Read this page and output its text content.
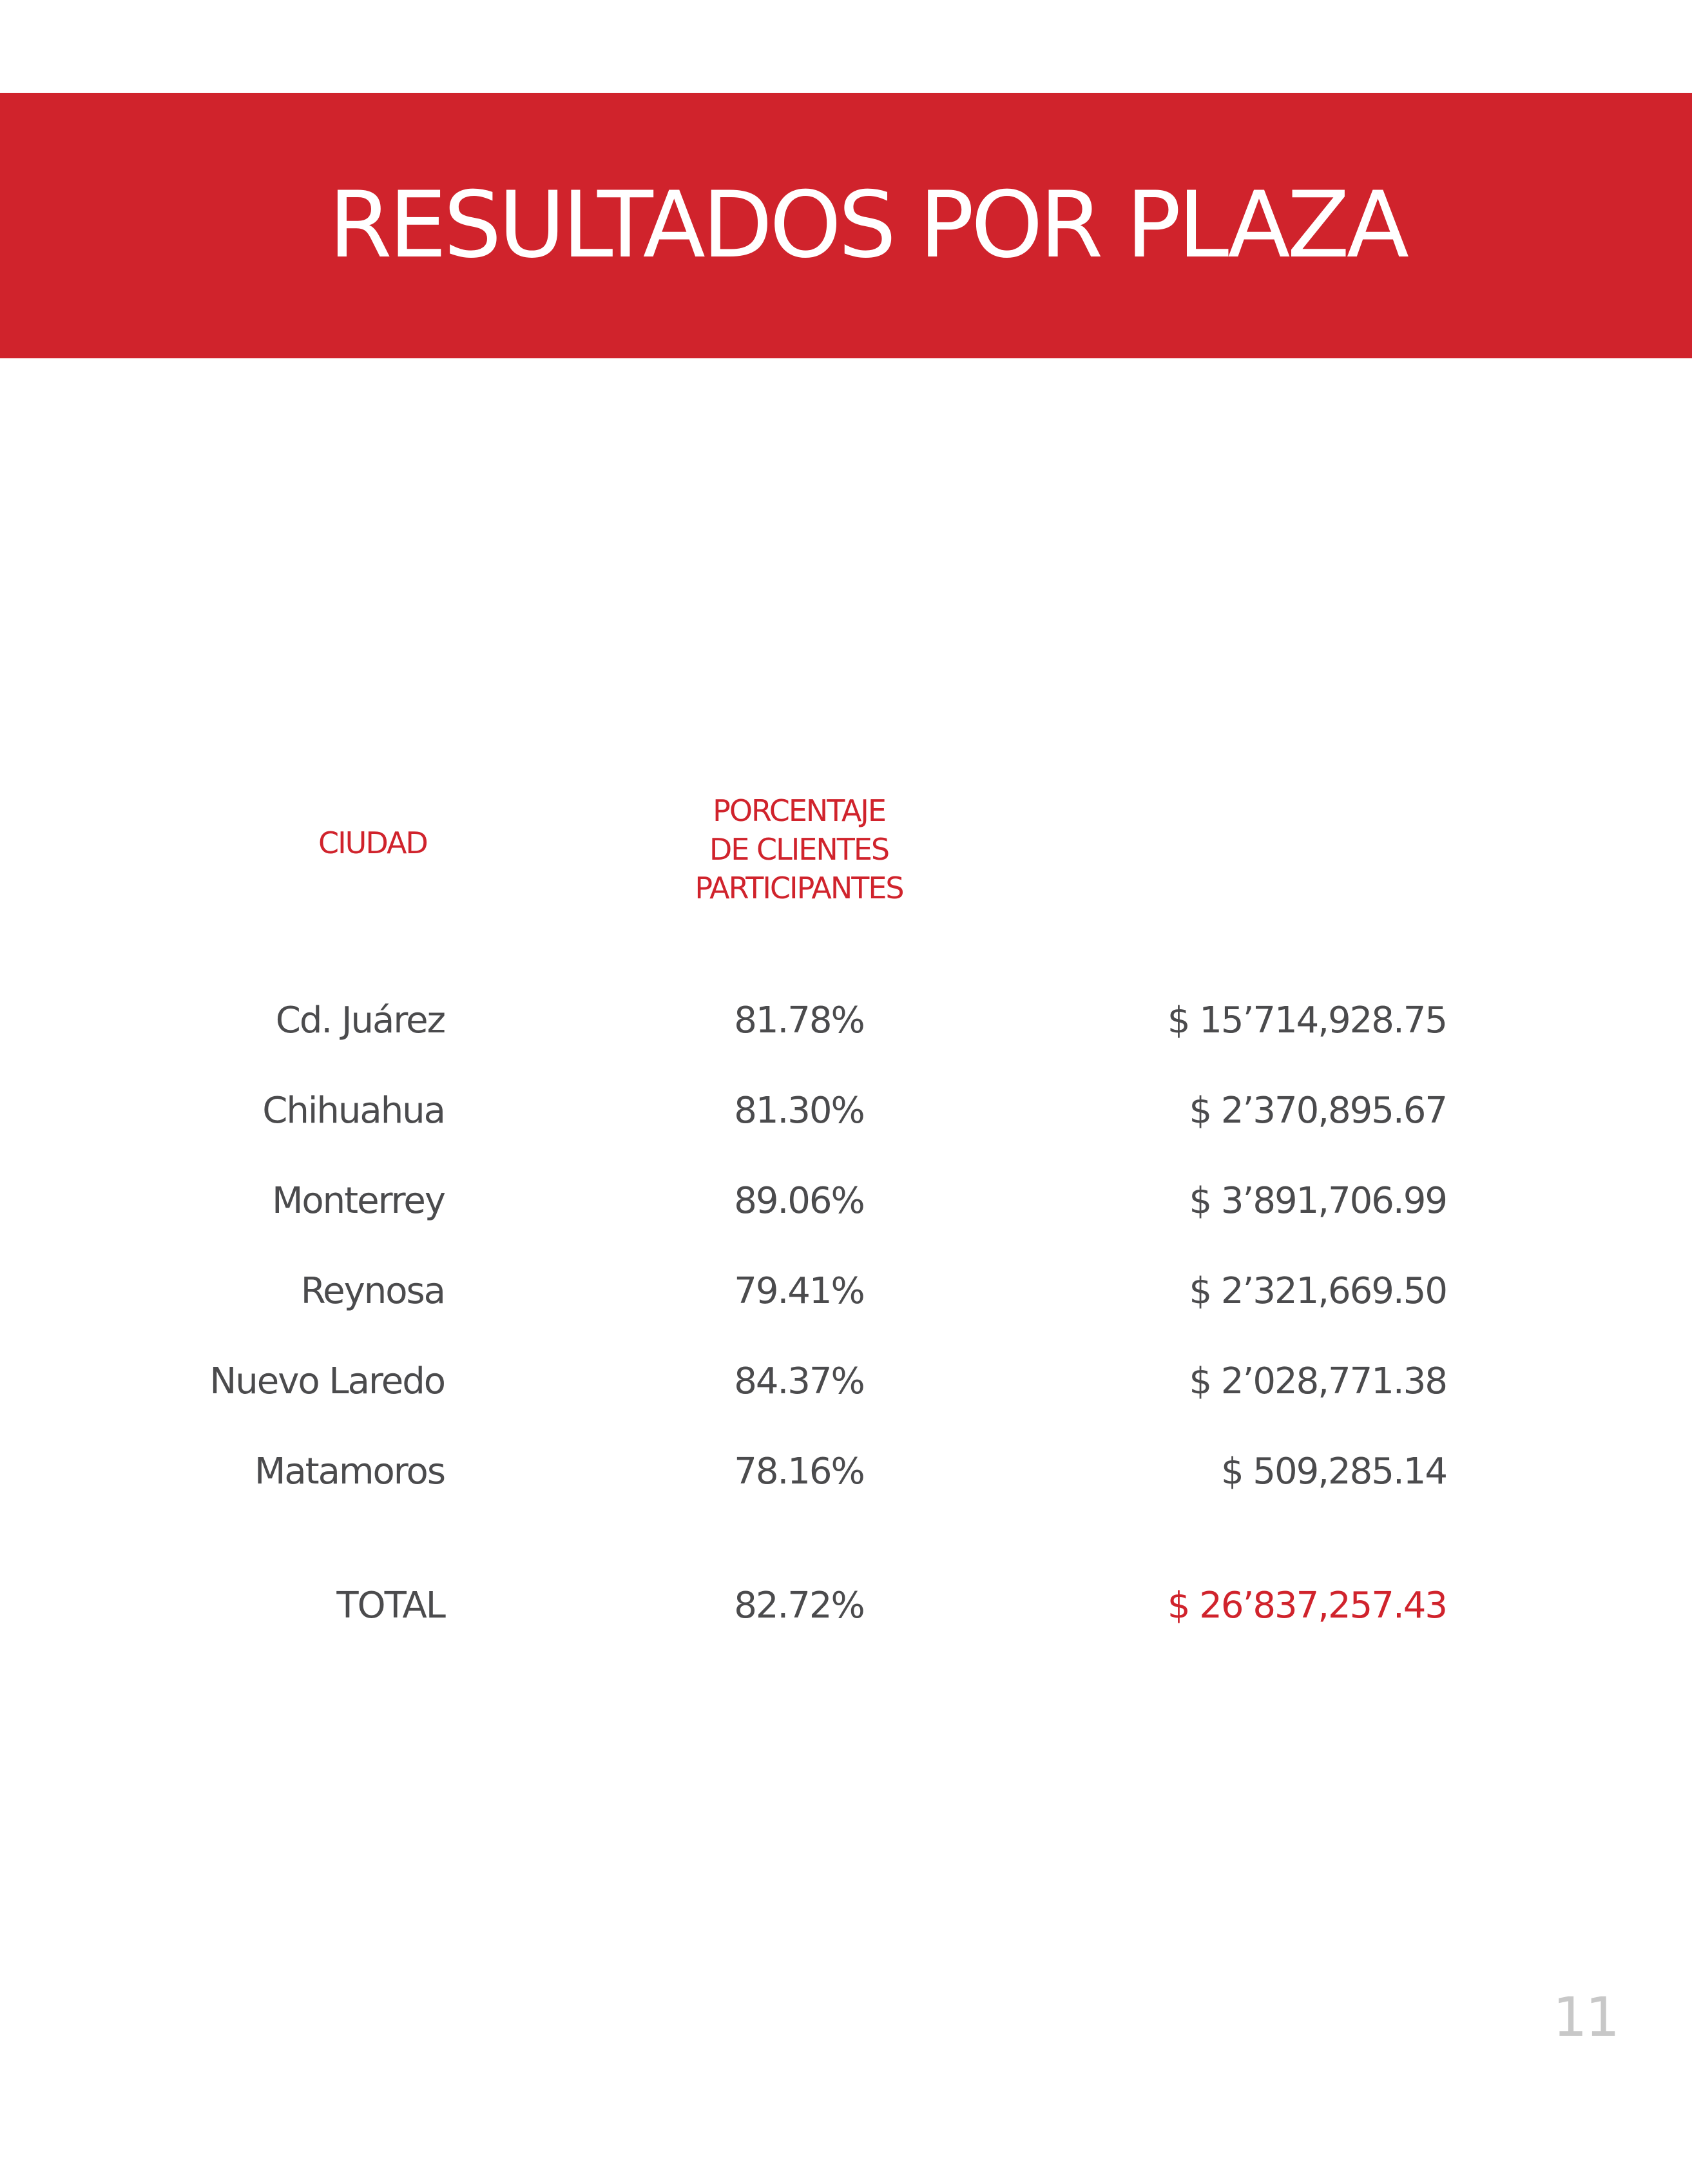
RESULTADOS POR PLAZA
CIUDAD
PORCENTAJE
DE CLIENTES
PARTICIPANTES
Cd. Juárez	81.78%	$ 15’714,928.75
Chihuahua	81.30%	$ 2’370,895.67
Monterrey	89.06%	$ 3’891,706.99
Reynosa	79.41%	$ 2’321,669.50
Nuevo Laredo	84.37%	$ 2’028,771.38
Matamoros	78.16%	$ 509,285.14
TOTAL	82.72%	$ 26’837,257.43
11
